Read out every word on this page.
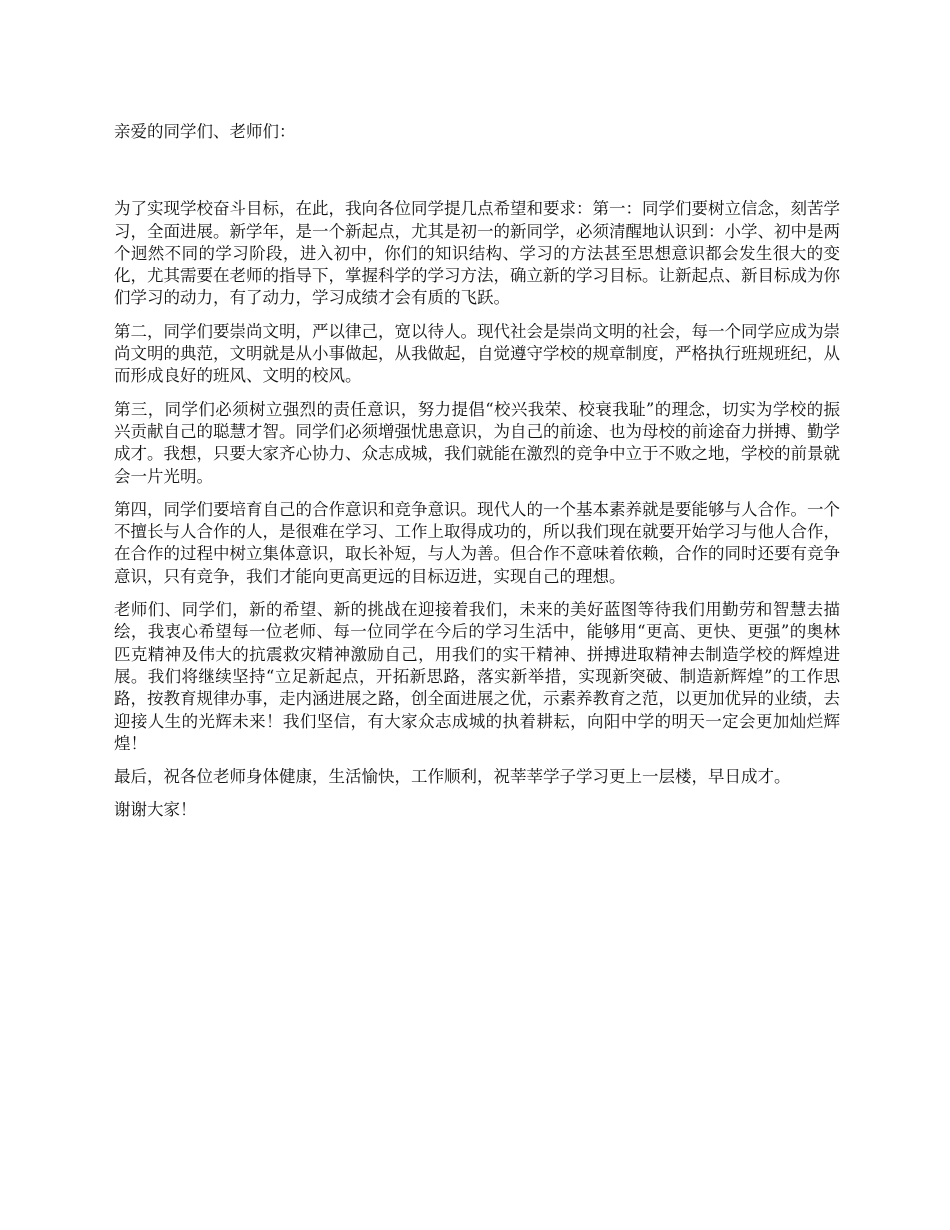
亲爱的同学们、老师们：

为了实现学校奋斗目标，在此，我向各位同学提几点希望和要求：第一：同学们要树立信念，刻苦学习，全面进展。新学年，是一个新起点，尤其是初一的新同学，必须清醒地认识到：小学、初中是两个迥然不同的学习阶段，进入初中，你们的知识结构、学习的方法甚至思想意识都会发生很大的变化，尤其需要在老师的指导下，掌握科学的学习方法，确立新的学习目标。让新起点、新目标成为你们学习的动力，有了动力，学习成绩才会有质的飞跃。

第二，同学们要崇尚文明，严以律己，宽以待人。现代社会是崇尚文明的社会，每一个同学应成为崇尚文明的典范，文明就是从小事做起，从我做起，自觉遵守学校的规章制度，严格执行班规班纪，从而形成良好的班风、文明的校风。

第三，同学们必须树立强烈的责任意识，努力提倡“校兴我荣、校衰我耻”的理念，切实为学校的振兴贡献自己的聪慧才智。同学们必须增强忧患意识，为自己的前途、也为母校的前途奋力拼搏、勤学成才。我想，只要大家齐心协力、众志成城，我们就能在激烈的竞争中立于不败之地，学校的前景就会一片光明。

第四，同学们要培育自己的合作意识和竞争意识。现代人的一个基本素养就是要能够与人合作。一个不擅长与人合作的人，是很难在学习、工作上取得成功的，所以我们现在就要开始学习与他人合作，在合作的过程中树立集体意识，取长补短，与人为善。但合作不意味着依赖，合作的同时还要有竞争意识，只有竞争，我们才能向更高更远的目标迈进，实现自己的理想。

老师们、同学们，新的希望、新的挑战在迎接着我们，未来的美好蓝图等待我们用勤劳和智慧去描绘，我衷心希望每一位老师、每一位同学在今后的学习生活中，能够用“更高、更快、更强”的奥林匹克精神及伟大的抗震救灾精神激励自己，用我们的实干精神、拼搏进取精神去制造学校的辉煌进展。我们将继续坚持“立足新起点，开拓新思路，落实新举措，实现新突破、制造新辉煌”的工作思路，按教育规律办事，走内涵进展之路，创全面进展之优，示素养教育之范，以更加优异的业绩，去迎接人生的光辉未来！我们坚信，有大家众志成城的执着耕耘，向阳中学的明天一定会更加灿烂辉煌！

最后，祝各位老师身体健康，生活愉快，工作顺利，祝莘莘学子学习更上一层楼，早日成才。

谢谢大家！
